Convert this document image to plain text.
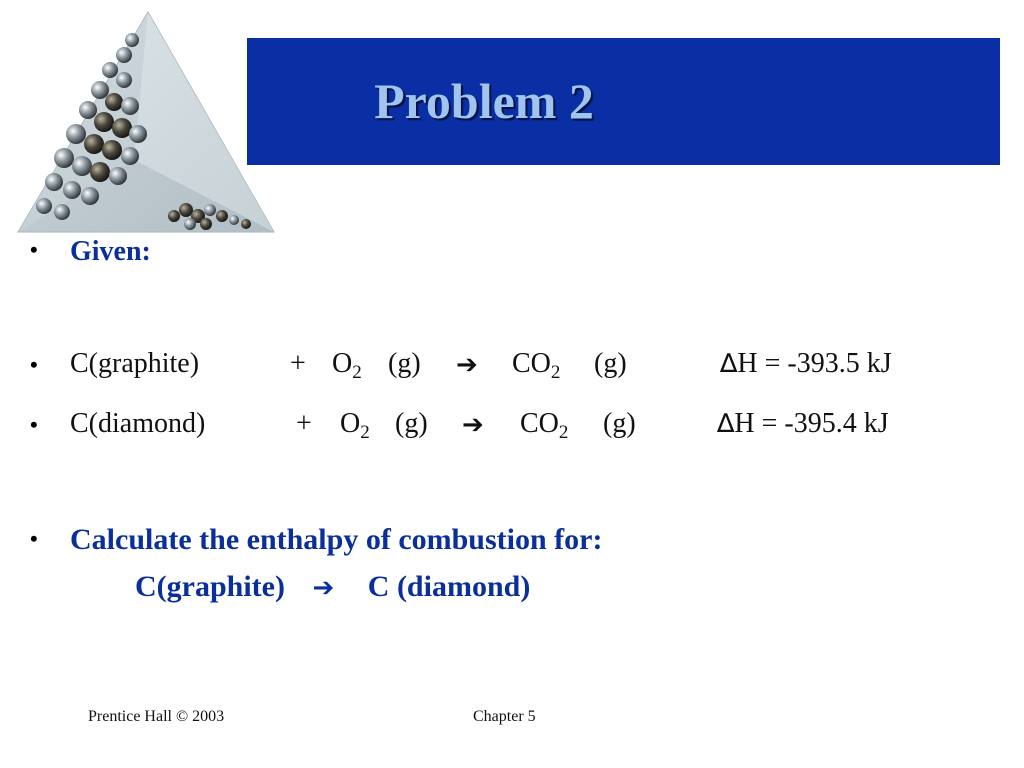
Problem 2
• Given:
•	C(graphite)	+ $O_2$ (g) ➔ $CO_2$ (g)	∆H = -393.5 kJ
•	C(diamond)	+ $O_2$ (g) ➔ $CO_2$ (g)	∆H = -395.4 kJ
• Calculate the enthalpy of combustion for:
C(graphite) ➔ C (diamond)
Prentice Hall © 2003	Chapter 5
